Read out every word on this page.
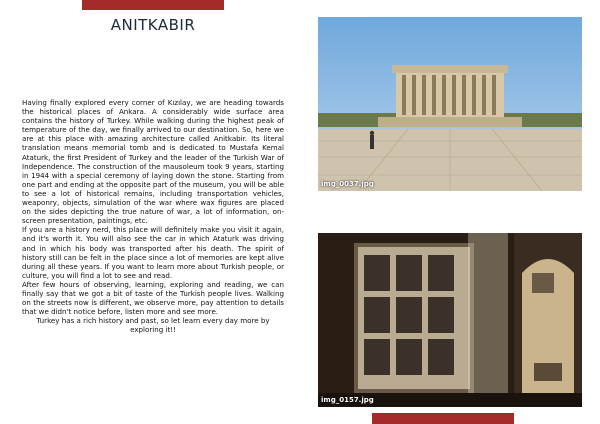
ANITKABIR

Having finally explored every corner of Kızılay, we are heading towards the historical places of Ankara. A considerably wide surface area contains the history of Turkey. While walking during the highest peak of temperature of the day, we finally arrived to our destination. So, here we are at this place with amazing architecture called Anitkabir. Its literal translation means memorial tomb and is dedicated to Mustafa Kemal Ataturk, the first President of Turkey and the leader of the Turkish War of Independence. The construction of the mausoleum took 9 years, starting in 1944 with a special ceremony of laying down the stone. Starting from one part and ending at the opposite part of the museum, you will be able to see a lot of historical remains, including transportation vehicles, weaponry, objects, simulation of the war where wax figures are placed on the sides depicting the true nature of war, a lot of information, on-screen presentation, paintings, etc.

If you are a history nerd, this place will definitely make you visit it again, and it's worth it. You will also see the car in which Ataturk was driving and in which his body was transported after his death. The spirit of history still can be felt in the place since a lot of memories are kept alive during all these years. If you want to learn more about Turkish people, or culture, you will find a lot to see and read.

After few hours of observing, learning, exploring and reading, we can finally say that we got a bit of taste of the Turkish people lives. Walking on the streets now is different, we observe more, pay attention to details that we didn't notice before, listen more and see more.

Turkey has a rich history and past, so let learn every day more by exploring it!!

img_0037.jpg
img_0157.jpg
